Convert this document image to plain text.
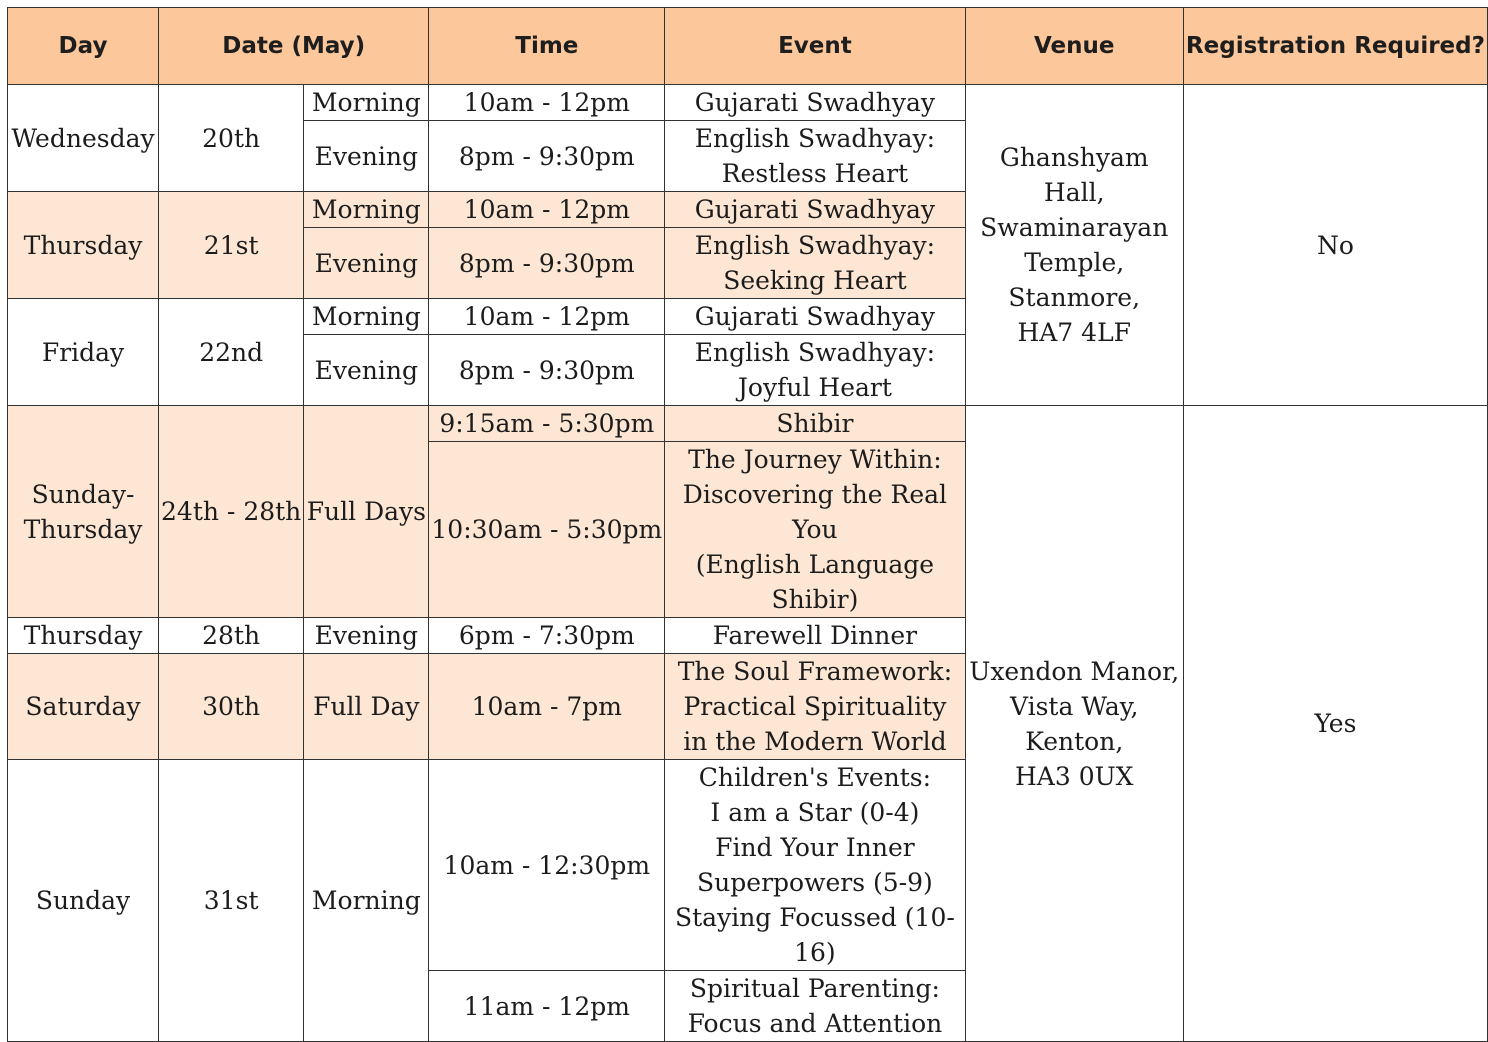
Day	Date (May)		Time	Event	Venue	Registration Required?
Wednesday	20th	Morning	10am - 12pm	Gujarati Swadhyay	Ghanshyam Hall,
Swaminarayan
Temple,
Stanmore,
HA7 4LF	No
		Evening	8pm - 9:30pm	English Swadhyay:
Restless Heart		
Thursday	21st	Morning	10am - 12pm	Gujarati Swadhyay		
		Evening	8pm - 9:30pm	English Swadhyay:
Seeking Heart		
Friday	22nd	Morning	10am - 12pm	Gujarati Swadhyay		
		Evening	8pm - 9:30pm	English Swadhyay:
Joyful Heart		
Sunday-
Thursday	24th - 28th	Full Days	9:15am - 5:30pm	Shibir	Uxendon Manor,
Vista Way,
Kenton,
HA3 0UX	Yes
			10:30am - 5:30pm	The Journey Within:
Discovering the Real You
(English Language Shibir)		
Thursday	28th	Evening	6pm - 7:30pm	Farewell Dinner		
Saturday	30th	Full Day	10am - 7pm	The Soul Framework:
Practical Spirituality
in the Modern World		
Sunday	31st	Morning	10am - 12:30pm	Children's Events:
I am a Star (0-4)
Find Your Inner Superpowers (5-9)
Staying Focussed (10-16)		
			11am - 12pm	Spiritual Parenting:
Focus and Attention		
